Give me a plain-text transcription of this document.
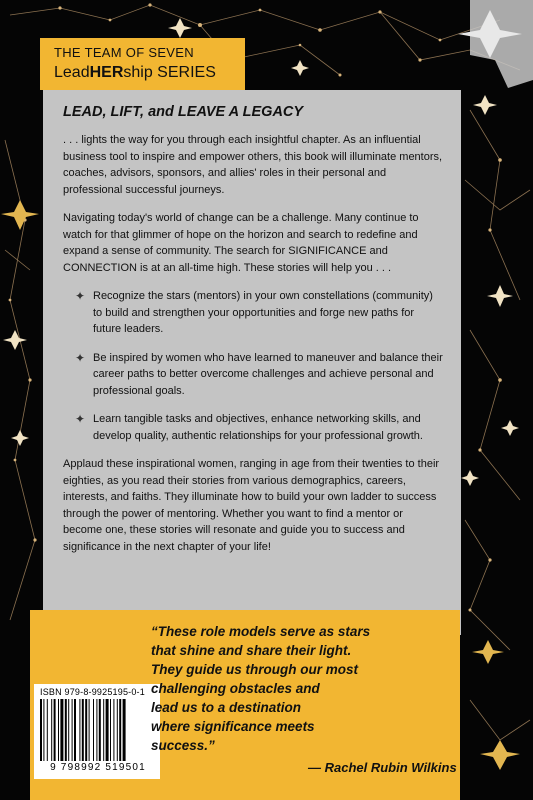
THE TEAM OF SEVEN
LeadHERship SERIES
LEAD, LIFT, and LEAVE A LEGACY

. . . lights the way for you through each insightful chapter. As an influential business tool to inspire and empower others, this book will illuminate mentors, coaches, advisors, sponsors, and allies' roles in their personal and professional successful journeys.

Navigating today's world of change can be a challenge. Many continue to watch for that glimmer of hope on the horizon and search to redefine and expand a sense of community. The search for SIGNIFICANCE and CONNECTION is at an all-time high. These stories will help you . . .

✦ Recognize the stars (mentors) in your own constellations (community) to build and strengthen your opportunities and forge new paths for future leaders.
✦ Be inspired by women who have learned to maneuver and balance their career paths to better overcome challenges and achieve personal and professional goals.
✦ Learn tangible tasks and objectives, enhance networking skills, and develop quality, authentic relationships for your professional growth.

Applaud these inspirational women, ranging in age from their twenties to their eighties, as you read their stories from various demographics, careers, interests, and faiths. They illuminate how to build your own ladder to success through the power of mentoring. Whether you want to find a mentor or become one, these stories will resonate and guide you to success and significance in the next chapter of your life!

ISBN 979-8-9925195-0-1
9 798992 519501
“These role models serve as stars
that shine and share their light.
They guide us through our most
challenging obstacles and
lead us to a destination
where significance meets
success.”
— Rachel Rubin Wilkins
